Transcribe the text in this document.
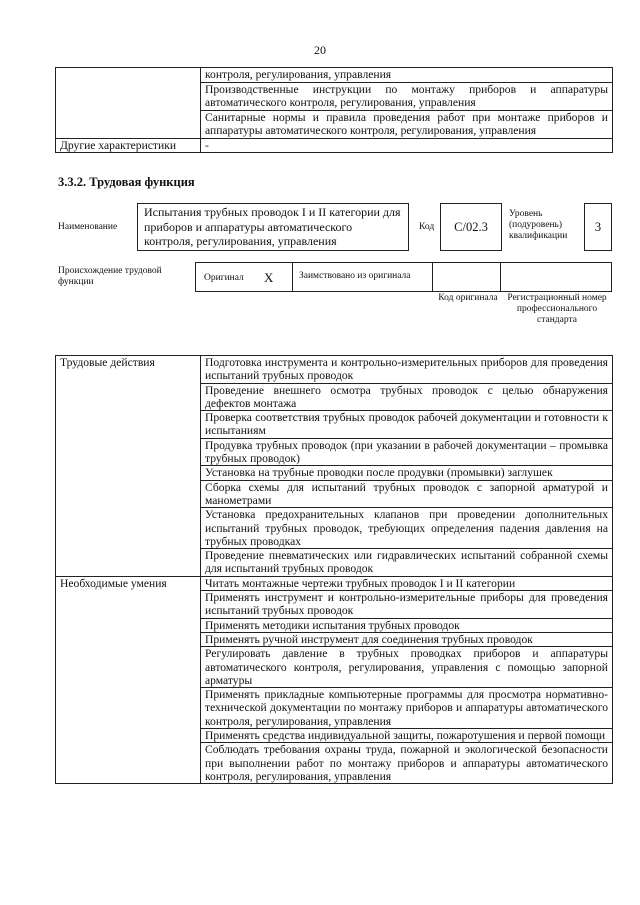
20
	контроля, регулирования, управления
	Производственные инструкции по монтажу приборов и аппаратуры автоматического контроля, регулирования, управления
	Санитарные нормы и правила проведения работ при монтаже приборов и аппаратуры автоматического контроля, регулирования, управления
Другие характеристики	-
3.3.2. Трудовая функция
Наименование
Испытания трубных проводок I и II категории для приборов и аппаратуры автоматического контроля, регулирования, управления
Код	С/02.3
Уровень (подуровень) квалификации
3
Происхождение трудовой функции	Оригинал X	Заимствовано из оригинала
Код оригинала	Регистрационный номер профессионального стандарта
Трудовые действия	Подготовка инструмента и контрольно-измерительных приборов для проведения испытаний трубных проводок
	Проведение внешнего осмотра трубных проводок с целью обнаружения дефектов монтажа
	Проверка соответствия трубных проводок рабочей документации и готовности к испытаниям
	Продувка трубных проводок (при указании в рабочей документации – промывка трубных проводок)
	Установка на трубные проводки после продувки (промывки) заглушек
	Сборка схемы для испытаний трубных проводок с запорной арматурой и манометрами
	Установка предохранительных клапанов при проведении дополнительных испытаний трубных проводок, требующих определения падения давления на трубных проводках
	Проведение пневматических или гидравлических испытаний собранной схемы для испытаний трубных проводок
Необходимые умения	Читать монтажные чертежи трубных проводок I и II категории
	Применять инструмент и контрольно-измерительные приборы для проведения испытаний трубных проводок
	Применять методики испытания трубных проводок
	Применять ручной инструмент для соединения трубных проводок
	Регулировать давление в трубных проводках приборов и аппаратуры автоматического контроля, регулирования, управления с помощью запорной арматуры
	Применять прикладные компьютерные программы для просмотра нормативно-технической документации по монтажу приборов и аппаратуры автоматического контроля, регулирования, управления
	Применять средства индивидуальной защиты, пожаротушения и первой помощи
	Соблюдать требования охраны труда, пожарной и экологической безопасности при выполнении работ по монтажу приборов и аппаратуры автоматического контроля, регулирования, управления
